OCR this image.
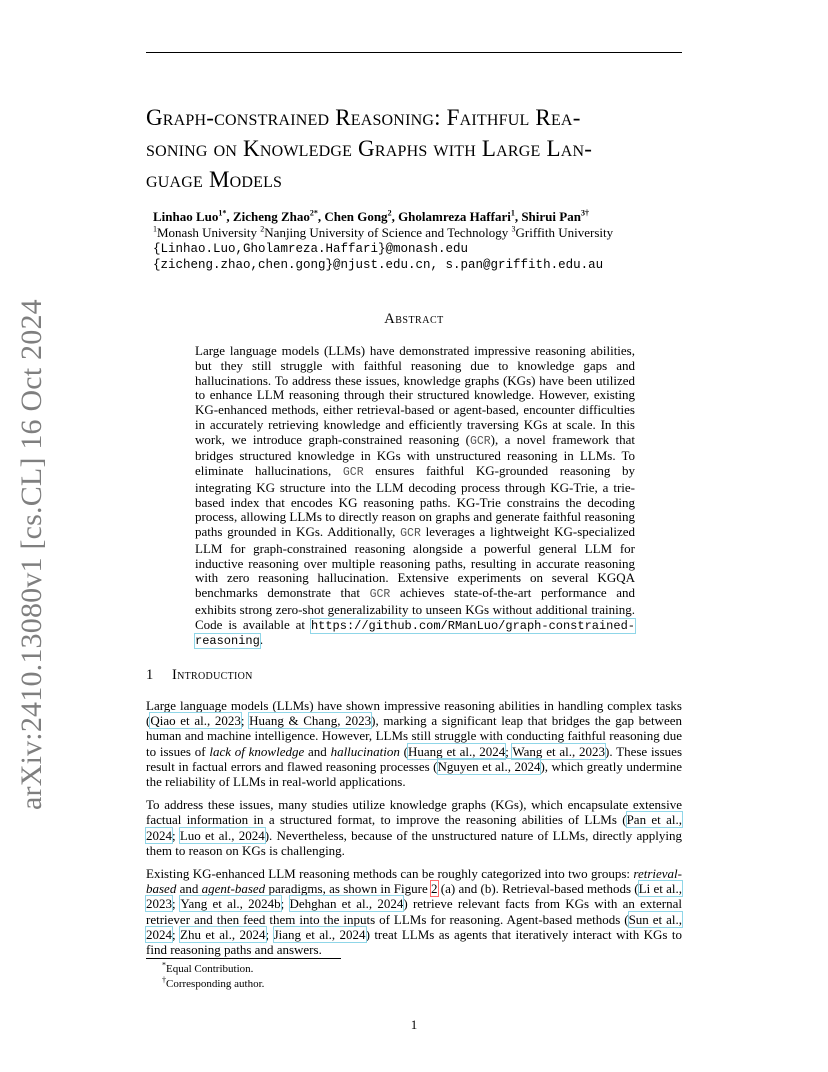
arXiv:2410.13080v1 [cs.CL] 16 Oct 2024
Graph-constrained Reasoning: Faithful Rea-
soning on Knowledge Graphs with Large Lan-
guage Models
Linhao Luo$^{1*}$, Zicheng Zhao$^{2*}$, Chen Gong$^2$, Gholamreza Haffari$^1$, Shirui Pan$^{3\dagger}$
$^1$Monash University $^2$Nanjing University of Science and Technology $^3$Griffith University
{Linhao.Luo,Gholamreza.Haffari}@monash.edu
{zicheng.zhao,chen.gong}@njust.edu.cn, s.pan@griffith.edu.au
Abstract
Large language models (LLMs) have demonstrated impressive reasoning abilities, but they still struggle with faithful reasoning due to knowledge gaps and hallucinations. To address these issues, knowledge graphs (KGs) have been utilized to enhance LLM reasoning through their structured knowledge. However, existing KG-enhanced methods, either retrieval-based or agent-based, encounter difficulties in accurately retrieving knowledge and efficiently traversing KGs at scale. In this work, we introduce graph-constrained reasoning (GCR), a novel framework that bridges structured knowledge in KGs with unstructured reasoning in LLMs. To eliminate hallucinations, GCR ensures faithful KG-grounded reasoning by integrating KG structure into the LLM decoding process through KG-Trie, a trie-based index that encodes KG reasoning paths. KG-Trie constrains the decoding process, allowing LLMs to directly reason on graphs and generate faithful reasoning paths grounded in KGs. Additionally, GCR leverages a lightweight KG-specialized LLM for graph-constrained reasoning alongside a powerful general LLM for inductive reasoning over multiple reasoning paths, resulting in accurate reasoning with zero reasoning hallucination. Extensive experiments on several KGQA benchmarks demonstrate that GCR achieves state-of-the-art performance and exhibits strong zero-shot generalizability to unseen KGs without additional training. Code is available at https://github.com/RManLuo/graph-constrained-reasoning.
1 Introduction

Large language models (LLMs) have shown impressive reasoning abilities in handling complex tasks (Qiao et al., 2023; Huang & Chang, 2023), marking a significant leap that bridges the gap between human and machine intelligence. However, LLMs still struggle with conducting faithful reasoning due to issues of lack of knowledge and hallucination (Huang et al., 2024; Wang et al., 2023). These issues result in factual errors and flawed reasoning processes (Nguyen et al., 2024), which greatly undermine the reliability of LLMs in real-world applications.

To address these issues, many studies utilize knowledge graphs (KGs), which encapsulate extensive factual information in a structured format, to improve the reasoning abilities of LLMs (Pan et al., 2024; Luo et al., 2024). Nevertheless, because of the unstructured nature of LLMs, directly applying them to reason on KGs is challenging.

Existing KG-enhanced LLM reasoning methods can be roughly categorized into two groups: retrieval-based and agent-based paradigms, as shown in Figure 2 (a) and (b). Retrieval-based methods (Li et al., 2023; Yang et al., 2024b; Dehghan et al., 2024) retrieve relevant facts from KGs with an external retriever and then feed them into the inputs of LLMs for reasoning. Agent-based methods (Sun et al., 2024; Zhu et al., 2024; Jiang et al., 2024) treat LLMs as agents that iteratively interact with KGs to find reasoning paths and answers.

*Equal Contribution.
†Corresponding author.
1
